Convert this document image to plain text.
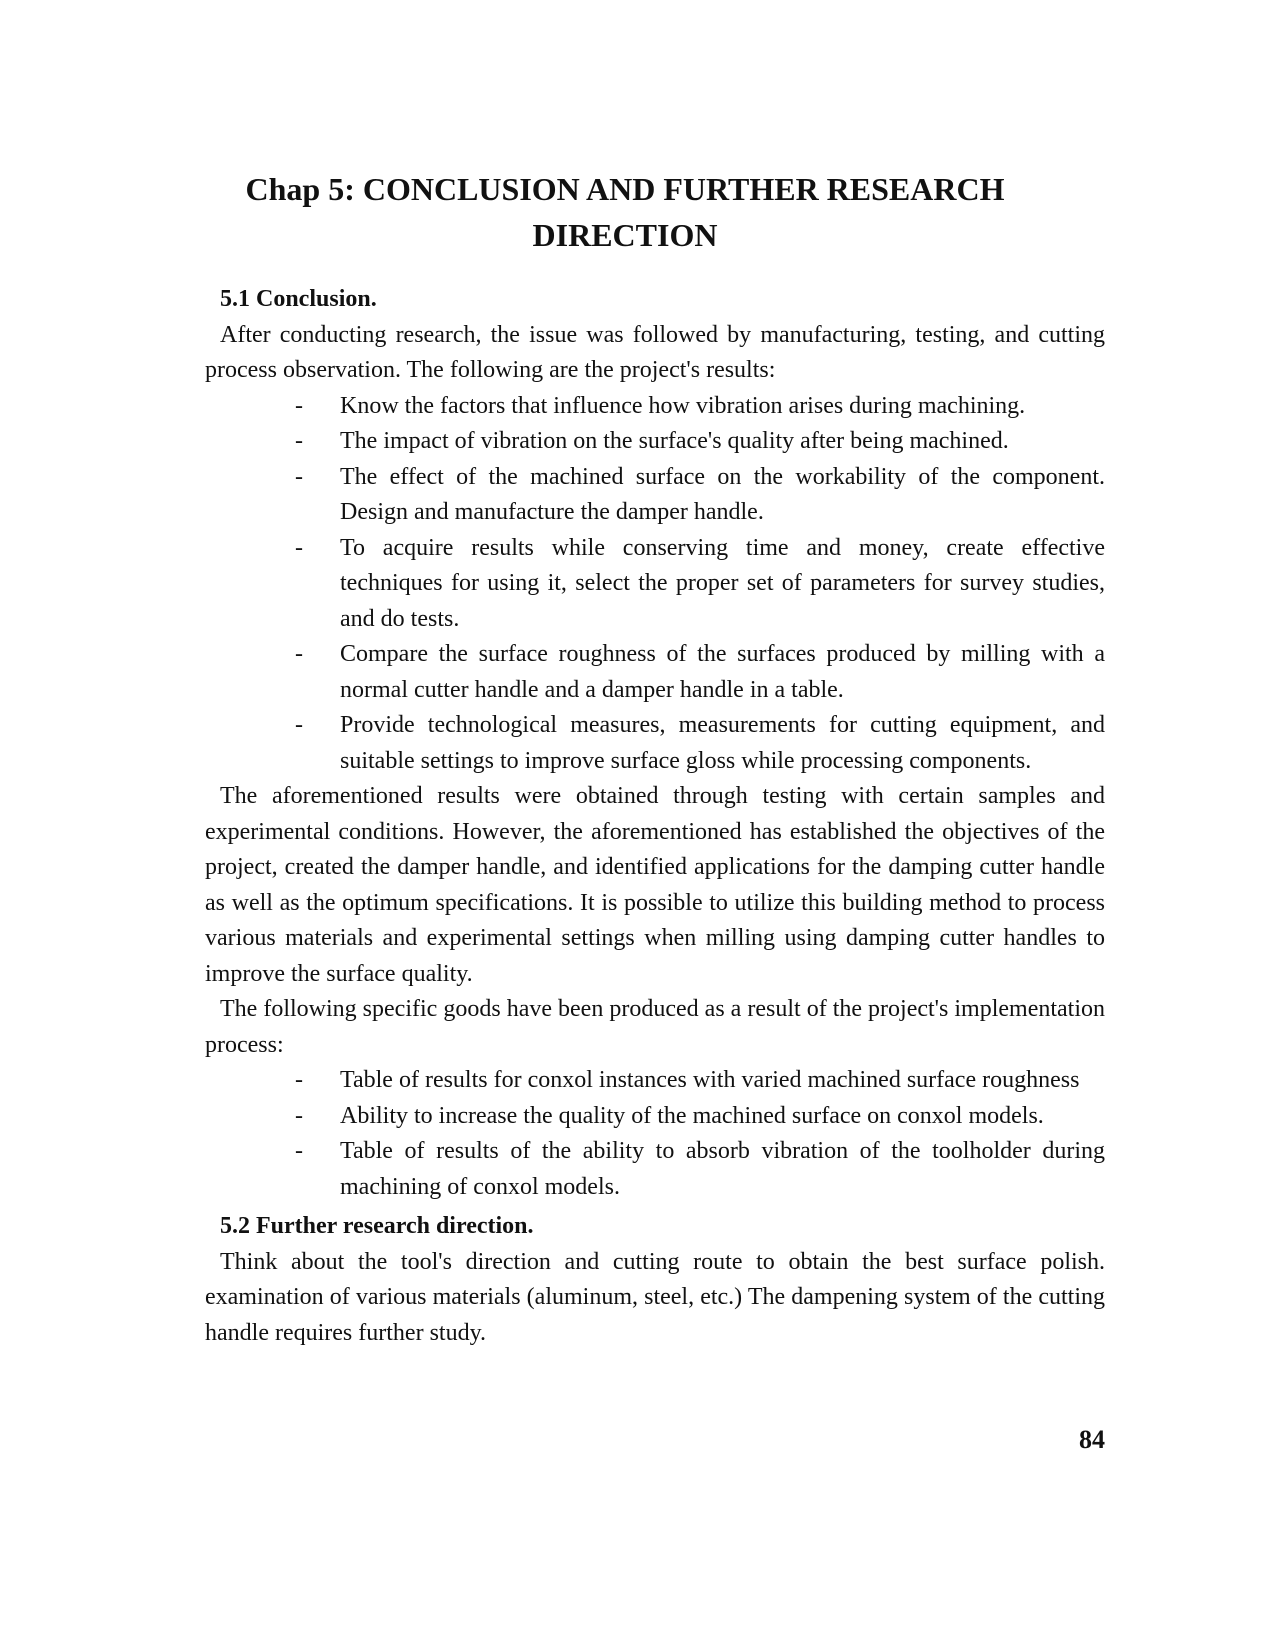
Chap 5: CONCLUSION AND FURTHER RESEARCH DIRECTION
5.1 Conclusion.

After conducting research, the issue was followed by manufacturing, testing, and cutting process observation. The following are the project's results:

- Know the factors that influence how vibration arises during machining.
- The impact of vibration on the surface's quality after being machined.
- The effect of the machined surface on the workability of the component. Design and manufacture the damper handle.
- To acquire results while conserving time and money, create effective techniques for using it, select the proper set of parameters for survey studies, and do tests.
- Compare the surface roughness of the surfaces produced by milling with a normal cutter handle and a damper handle in a table.
- Provide technological measures, measurements for cutting equipment, and suitable settings to improve surface gloss while processing components.

The aforementioned results were obtained through testing with certain samples and experimental conditions. However, the aforementioned has established the objectives of the project, created the damper handle, and identified applications for the damping cutter handle as well as the optimum specifications. It is possible to utilize this building method to process various materials and experimental settings when milling using damping cutter handles to improve the surface quality.

The following specific goods have been produced as a result of the project's implementation process:

- Table of results for conxol instances with varied machined surface roughness
- Ability to increase the quality of the machined surface on conxol models.
- Table of results of the ability to absorb vibration of the toolholder during machining of conxol models.
5.2 Further research direction.

Think about the tool's direction and cutting route to obtain the best surface polish. examination of various materials (aluminum, steel, etc.) The dampening system of the cutting handle requires further study.

84
